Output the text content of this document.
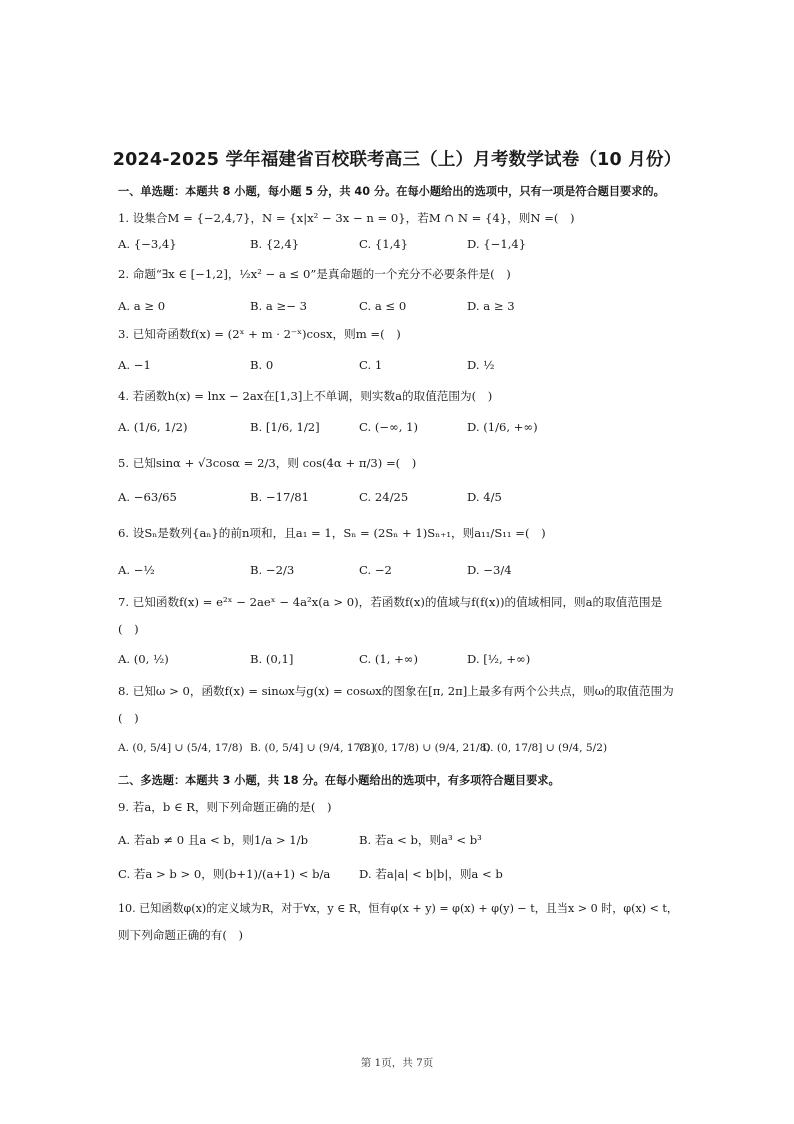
2024-2025 学年福建省百校联考高三（上）月考数学试卷（10 月份）
一、单选题：本题共 8 小题，每小题 5 分，共 40 分。在每小题给出的选项中，只有一项是符合题目要求的。
1. 设集合M = {−2,4,7}，N = {x|x² − 3x − n = 0}，若M ∩ N = {4}，则N =(　)
A. {−3,4}	B. {2,4}	C. {1,4}	D. {−1,4}
2. 命题“∃x ∈ [−1,2]，½x² − a ≤ 0”是真命题的一个充分不必要条件是(　)
A. a ≥ 0	B. a ≥− 3	C. a ≤ 0	D. a ≥ 3
3. 已知奇函数f(x) = (2ˣ + m · 2⁻ˣ)cosx，则m =(　)
A. −1	B. 0	C. 1	D. ½
4. 若函数h(x) = lnx − 2ax在[1,3]上不单调，则实数a的取值范围为(　)
A. (1/6, 1/2)	B. [1/6, 1/2]	C. (−∞, 1)	D. (1/6, +∞)
5. 已知sinα + √3cosα = 2/3，则 cos(4α + π/3) =(　)
A. −63/65	B. −17/81	C. 24/25	D. 4/5
6. 设Sₙ是数列{aₙ}的前n项和，且a₁ = 1，Sₙ = (2Sₙ + 1)Sₙ₊₁，则a₁₁/S₁₁ =(　)
A. −½	B. −2/3	C. −2	D. −3/4
7. 已知函数f(x) = e²ˣ − 2aeˣ − 4a²x(a > 0)，若函数f(x)的值域与f(f(x))的值域相同，则a的取值范围是
(　)
A. (0, ½)	B. (0,1]	C. (1, +∞)	D. [½, +∞)
8. 已知ω > 0，函数f(x) = sinωx与g(x) = cosωx的图象在[π, 2π]上最多有两个公共点，则ω的取值范围为
(　)
A. (0, 5/4] ∪ (5/4, 17/8) B. (0, 5/4] ∪ (9/4, 17/8]
C. (0, 17/8) ∪ (9/4, 21/8)
D. (0, 17/8] ∪ (9/4, 5/2)
二、多选题：本题共 3 小题，共 18 分。在每小题给出的选项中，有多项符合题目要求。
9. 若a，b ∈ R，则下列命题正确的是(　)
A. 若ab ≠ 0 且a < b，则1/a > 1/b	B. 若a < b，则a³ < b³
C. 若a > b > 0，则(b+1)/(a+1) < b/a D. 若a|a| < b|b|，则a < b
10. 已知函数φ(x)的定义域为R，对于∀x，y ∈ R，恒有φ(x + y) = φ(x) + φ(y) − t，且当x > 0 时，φ(x) < t，
则下列命题正确的有(　)
第 1页，共 7页
